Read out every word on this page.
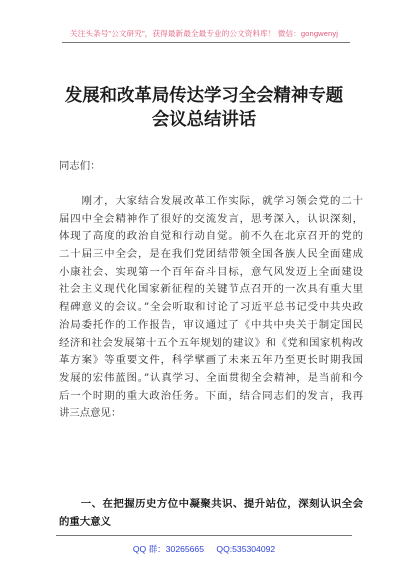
关注头条号"公文研究"，获得最新最全最专业的公文资料库！ 微信：gongwenyj
发展和改革局传达学习全会精神专题
会议总结讲话
同志们：
　　刚才，大家结合发展改革工作实际，就学习领会党的二十
届四中全会精神作了很好的交流发言，思考深入，认识深刻，
体现了高度的政治自觉和行动自觉。前不久在北京召开的党的
二十届三中全会，是在我们党团结带领全国各族人民全面建成
小康社会、实现第一个百年奋斗目标，意气风发迈上全面建设
社会主义现代化国家新征程的关键节点召开的一次具有重大里
程碑意义的会议。”全会听取和讨论了习近平总书记受中共央政
治局委托作的工作报告，审议通过了《中共中央关于制定国民
经济和社会发展第十五个五年规划的建议》和《党和国家机构改
革方案》等重要文件，科学擘画了未来五年乃至更长时期我国
发展的宏伟蓝图。”认真学习、全面贯彻全会精神，是当前和今
后一个时期的重大政治任务。下面，结合同志们的发言，我再
讲三点意见：
　　一、在把握历史方位中凝聚共识、提升站位，深刻认识全会
的重大意义
QQ 群：30265665 QQ:535304092
